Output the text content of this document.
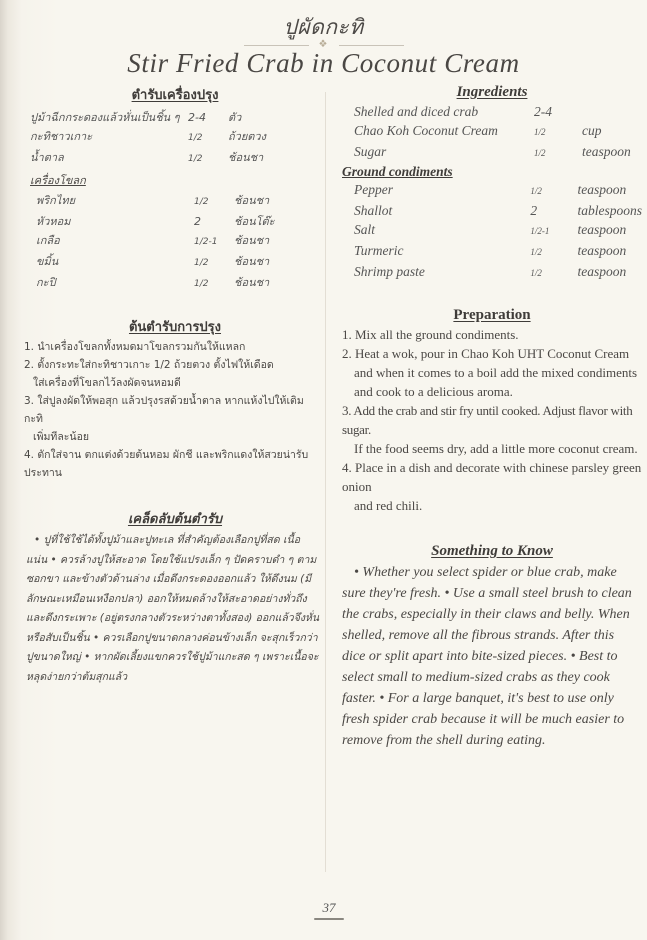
ปูผัดกะทิ
❖
Stir Fried Crab in Coconut Cream
ตำรับเครื่องปรุง
ปูม้าฉีกกระดองแล้วหั่นเป็นชิ้น ๆ	2-4	ตัว
กะทิชาวเกาะ	1/2	ถ้วยตวง
น้ำตาล	1/2	ช้อนชา
เครื่องโขลก
พริกไทย	1/2	ช้อนชา
หัวหอม	2	ช้อนโต๊ะ
เกลือ	1/2-1	ช้อนชา
ขมิ้น	1/2	ช้อนชา
กะปิ	1/2	ช้อนชา
ต้นตำรับการปรุง
1. นำเครื่องโขลกทั้งหมดมาโขลกรวมกันให้แหลก
2. ตั้งกระทะใส่กะทิชาวเกาะ 1/2 ถ้วยตวง ตั้งไฟให้เดือด
ใส่เครื่องที่โขลกไว้ลงผัดจนหอมดี
3. ใส่ปูลงผัดให้พอสุก แล้วปรุงรสด้วยน้ำตาล หากแห้งไปให้เติมกะทิ
เพิ่มทีละน้อย
4. ตักใส่จาน ตกแต่งด้วยต้นหอม ผักชี และพริกแดงให้สวยน่ารับประทาน
เคล็ดลับต้นตำรับ
• ปูที่ใช้ใช้ได้ทั้งปูม้าและปูทะเล ที่สำคัญต้องเลือกปูที่สด เนื้อแน่น • ควรล้างปูให้สะอาด โดยใช้แปรงเล็ก ๆ ปัดคราบดำ ๆ ตามซอกขา และข้างตัวด้านล่าง เมื่อดึงกระดองออกแล้ว ให้ดึงนม (มีลักษณะเหมือนเหงือกปลา) ออกให้หมดล้างให้สะอาดอย่างทั่วถึง และดึงกระเพาะ (อยู่ตรงกลางตัวระหว่างตาทั้งสอง) ออกแล้วจึงหั่นหรือสับเป็นชิ้น • ควรเลือกปูขนาดกลางค่อนข้างเล็ก จะสุกเร็วกว่าปูขนาดใหญ่ • หากผัดเลี้ยงแขกควรใช้ปูม้าแกะสด ๆ เพราะเนื้อจะหลุดง่ายกว่าต้มสุกแล้ว
Ingredients
Shelled and diced crab	2-4	
Chao Koh Coconut Cream	1/2	cup
Sugar	1/2	teaspoon
Ground condiments
Pepper	1/2	teaspoon
Shallot	2	tablespoons
Salt	1/2-1	teaspoon
Turmeric	1/2	teaspoon
Shrimp paste	1/2	teaspoon
Preparation
1. Mix all the ground condiments.
2. Heat a wok, pour in Chao Koh UHT Coconut Cream
and when it comes to a boil add the mixed condiments
and cook to a delicious aroma.
3. Add the crab and stir fry until cooked. Adjust flavor with sugar.
If the food seems dry, add a little more coconut cream.
4. Place in a dish and decorate with chinese parsley green onion
and red chili.
Something to Know
• Whether you select spider or blue crab, make sure they're fresh. • Use a small steel brush to clean the crabs, especially in their claws and belly. When shelled, remove all the fibrous strands. After this dice or split apart into bite-sized pieces. • Best to select small to medium-sized crabs as they cook faster. • For a large banquet, it's best to use only fresh spider crab because it will be much easier to remove from the shell during eating.
37
